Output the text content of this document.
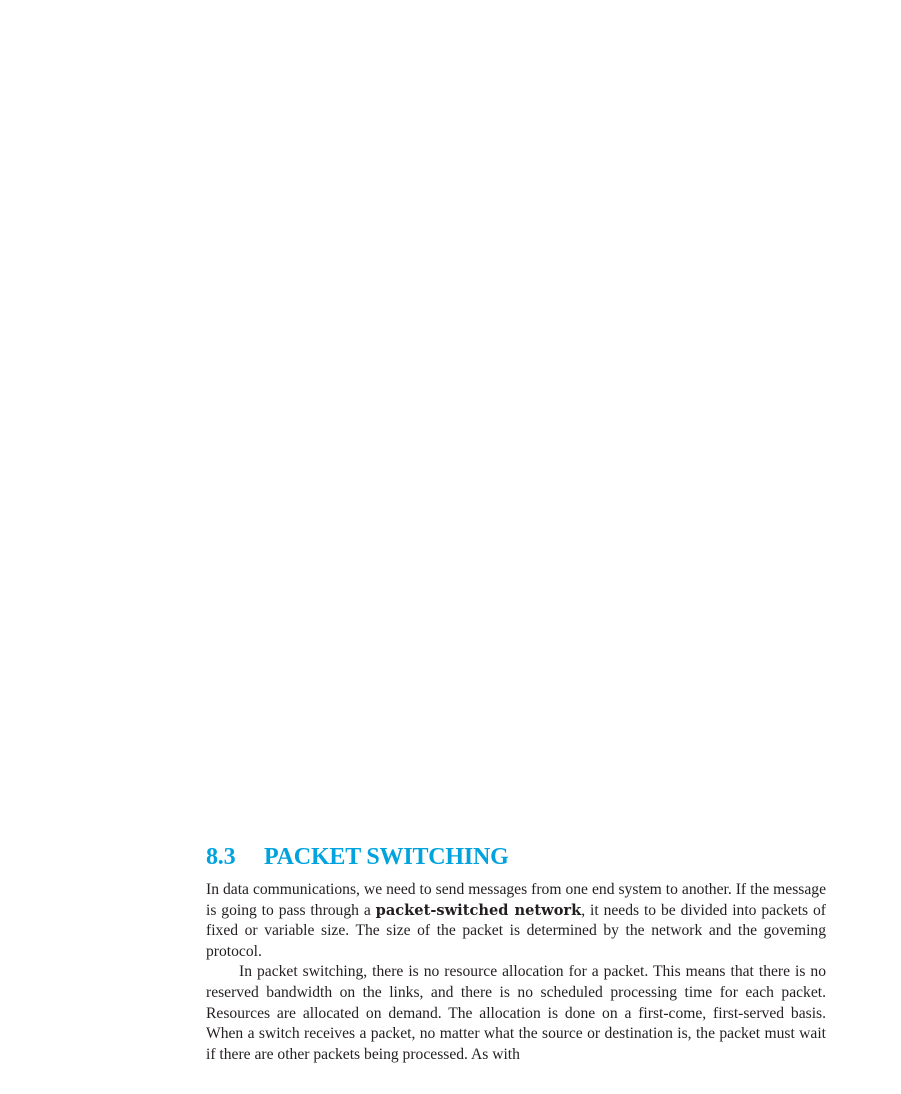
8.3 PACKET SWITCHING

In data communications, we need to send messages from one end system to another. If the message is going to pass through a packet-switched network, it needs to be divided into packets of fixed or variable size. The size of the packet is determined by the network and the goveming protocol.

In packet switching, there is no resource allocation for a packet. This means that there is no reserved bandwidth on the links, and there is no scheduled processing time for each packet. Resources are allocated on demand. The allocation is done on a first-come, first-served basis. When a switch receives a packet, no matter what the source or destination is, the packet must wait if there are other packets being processed. As with
